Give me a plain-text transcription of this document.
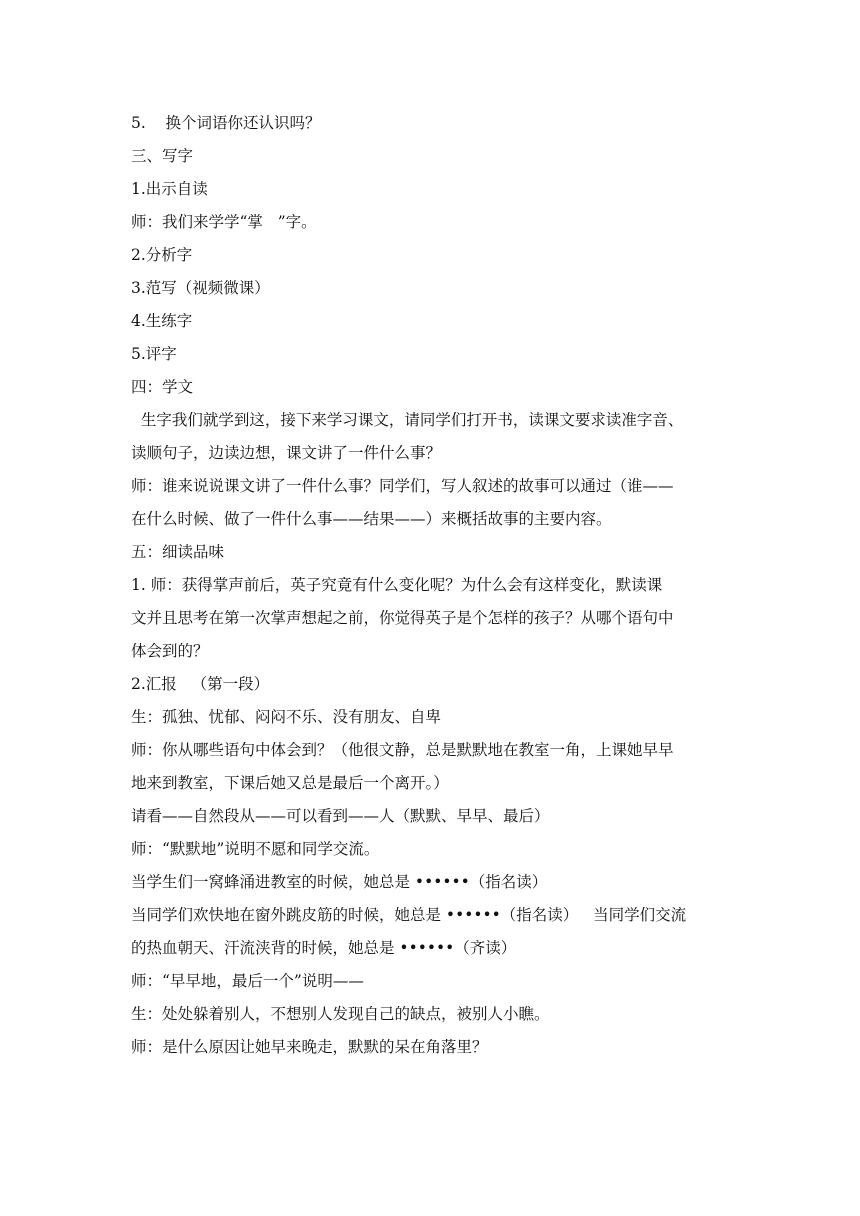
5.    换个词语你还认识吗？

三、写字

1.出示自读

师：我们来学学“掌   ”字。

2.分析字

3.范写（视频微课）

4.生练字

5.评字

四：学文

生字我们就学到这，接下来学习课文，请同学们打开书，读课文要求读准字音、

读顺句子，边读边想，课文讲了一件什么事？

师：谁来说说课文讲了一件什么事？同学们，写人叙述的故事可以通过（谁——

在什么时候、做了一件什么事——结果——）来概括故事的主要内容。

五：细读品味

1. 师：获得掌声前后，英子究竟有什么变化呢？为什么会有这样变化，默读课

文并且思考在第一次掌声想起之前，你觉得英子是个怎样的孩子？从哪个语句中

体会到的？

2.汇报   （第一段）

生：孤独、忧郁、闷闷不乐、没有朋友、自卑

师：你从哪些语句中体会到？（他很文静，总是默默地在教室一角，上课她早早

地来到教室，下课后她又总是最后一个离开。）

请看——自然段从——可以看到——人（默默、早早、最后）

师：“默默地”说明不愿和同学交流。

当学生们一窝蜂涌进教室的时候，她总是 ••••••（指名读）

当同学们欢快地在窗外跳皮筋的时候，她总是 ••••••（指名读）   当同学们交流

的热血朝天、汗流浃背的时候，她总是 ••••••（齐读）

师：“早早地，最后一个”说明——

生：处处躲着别人，不想别人发现自己的缺点，被别人小瞧。

师：是什么原因让她早来晚走，默默的呆在角落里？
